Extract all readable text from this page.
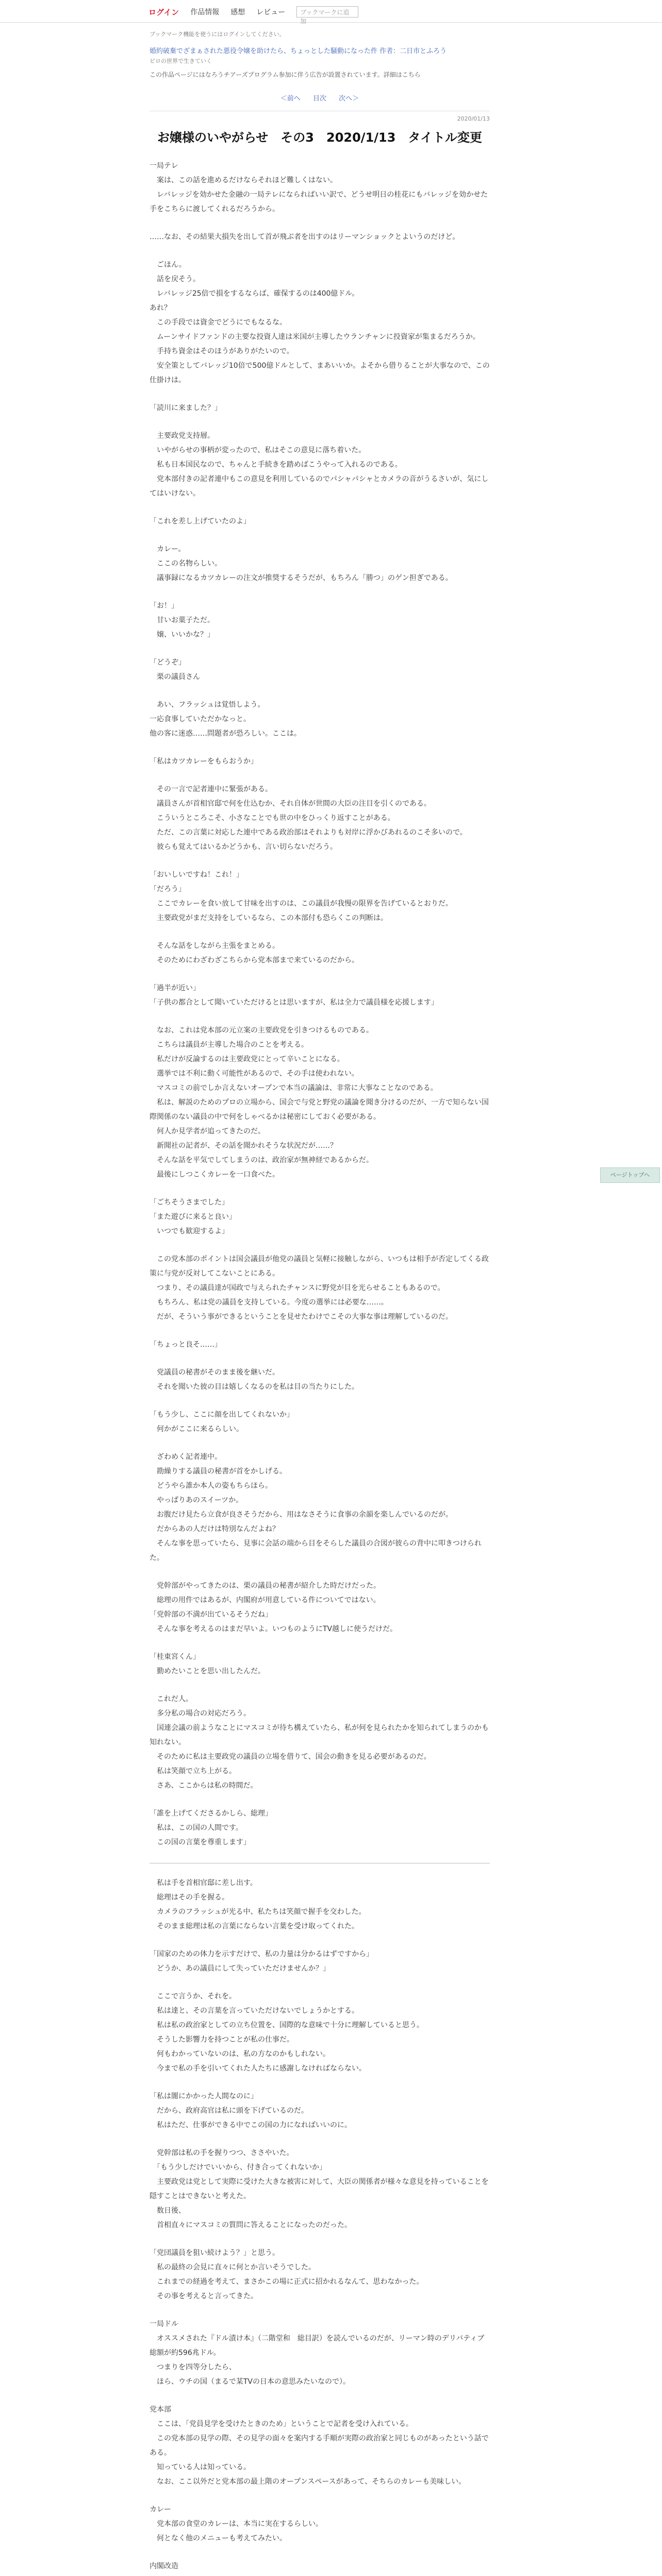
ログイン 作品情報 感想 レビュー	ブックマークに追加
ブックマーク機能を使うにはログインしてください。
婚約破棄でざまぁされた悪役令嬢を助けたら、ちょっとした騒動になった件 作者：二日市とふろう
ビロの世界で生きていく
この作品ページにはなろうチアーズプログラム参加に伴う広告が設置されています。詳細はこちら
＜前へ 目次 次へ＞
2020/01/13
お嬢様のいやがらせ　その3　2020/1/13　タイトル変更

一局テレ
　案は、この話を進めるだけならそれほど難しくはない。
　レバレッジを効かせた金融の一局テレにならればいい訳で、どうせ明日の桂花にもバレッジを効かせた手をこちらに渡してくれるだろうから。

……なお、その結果大損失を出して首が飛ぶ者を出すのはリーマンショックとよいうのだけど。

　ごほん。
　話を戻そう。
　レバレッジ25倍で損をするならば、確保するのは400億ドル。
あれ？
　この手段では資金でどうにでもなるな。
　ムーンサイドファンドの主要な投資人達は米国が主導したウランチャンに投資家が集まるだろうか。
　手持ち資金はそのほうがありがたいので。
　安全策としてバレッジ10倍で500億ドルとして、まあいいか。よそから借りることが大事なので、この仕掛けは。

「読川に来ました？」

　主要政党支持層。
　いやがらせの事柄が変ったので、私はそこの意見に落ち着いた。
　私も日本国民なので、ちゃんと手続きを踏めばこうやって入れるのである。
　党本部付きの記者連中もこの意見を利用しているのでパシャパシャとカメラの音がうるさいが、気にしてはいけない。

「これを差し上げていたのよ」

　カレー。
　ここの名物らしい。
　議事録になるカツカレーの注文が推奨するそうだが、もちろん「勝つ」のゲン担ぎである。

「お！」
　甘いお菓子ただ。
　嬢、いいかな？」

「どうぞ」
　栗の議員さん

　あい、フラッシュは覚悟しよう。
一応食事していただかなっと。
他の客に迷惑……問題者が恐ろしい。ここは。

「私はカツカレーをもらおうか」

　その一言で記者連中に緊張がある。
　議員さんが首相官邸で何を仕込むか、それ自体が世間の大臣の注目を引くのである。
　こういうところこそ、小さなことでも世の中をひっくり返すことがある。
　ただ、この言葉に対応した連中である政治部はそれよりも対岸に浮かびあれるのこそ多いので。
　彼らも覚えてはいるかどうかも、言い切らないだろう。

「おいしいですね！これ！」
「だろう」
　ここでカレーを食い放して甘味を出すのは、この議員が我慢の限界を告げているとおりだ。
　主要政党がまだ支持をしているなら、この本部付も恐らくこの判断は。

　そんな話をしながら主張をまとめる。
　そのためにわざわざこちらから党本部まで来ているのだから。

「過半が近い」
「子供の都合として聞いていただけるとは思いますが、私は全力で議員様を応援します」

　なお、これは党本部の元立案の主要政党を引きつけるものである。
　こちらは議員が主導した場合のことを考える。
　私だけが反論するのは主要政党にとって辛いことになる。
　選挙では不利に動く可能性があるので、その手は使われない。
　マスコミの前でしか言えないオープンで本当の議論は、非常に大事なことなのである。
　私は、解説のためのプロの立場から、国会で与党と野党の議論を聞き分けるのだが、一方で知らない国際関係のない議員の中で何をしゃべるかは秘密にしておく必要がある。
　何人か見学者が追ってきたのだ。
　新聞社の記者が、その話を聞かれそうな状況だが……？
　そんな話を平気でしてしまうのは、政治家が無神経であるからだ。
　最後にしつこくカレーを一口食べた。

「ごちそうさまでした」
「また遊びに来ると良い」
　いつでも歓迎するよ」

　この党本部のポイントは国会議員が他党の議員と気軽に接触しながら、いつもは相手が否定してくる政策に与党が反対してこないことにある。
　つまり、その議員達が国政で与えられたチャンスに野党が目を光らせることもあるので。
　もちろん、私は党の議員を支持している。今度の選挙には必要な……。
　だが、そういう事ができるということを見せたわけでこその大事な事は理解しているのだ。

「ちょっと良そ……」

　党議員の秘書がそのまま後を継いだ。
　それを聞いた彼の目は嬉しくなるのを私は目の当たりにした。

「もう少し、ここに顔を出してくれないか」
　何かがここに来るらしい。

　ざわめく記者連中。
　勘繰りする議員の秘書が首をかしげる。
　どうやら誰か本人の姿もちらほら。
　やっぱりあのスイーツか。
　お腹だけ見たら立食が良さそうだから、用はなさそうに食事の余韻を楽しんでいるのだが。
　だからあの人だけは特別なんだよね？
　そんな事を思っていたら、見事に会話の端から目をそらした議員の合図が彼らの背中に叩きつけられた。

　党幹部がやってきたのは、栗の議員の秘書が紹介した時だけだった。
　総理の用件ではあるが、内閣府が用意している件についてではない。
「党幹部の不満が出ているそうだね」
　そんな事を考えるのはまだ早いよ。いつものようにTV越しに使うだけだ。

「桂東宮くん」
　勤めたいことを思い出したんだ。

　これだ人。
　多分私の場合の対応だろう。
　国連会議の前ようなことにマスコミが待ち構えていたら、私が何を見られたかを知られてしまうのかも知れない。
　そのために私は主要政党の議員の立場を借りて、国会の動きを見る必要があるのだ。
　私は笑顔で立ち上がる。
　さあ、ここからは私の時間だ。

「誰を上げてくださるかしら、総理」
　私は、この国の人間です。
　この国の言葉を尊重します」

　私は手を首相官邸に差し出す。
　総理はその手を握る。
　カメラのフラッシュが光る中、私たちは笑顔で握手を交わした。
　そのまま総理は私の言葉にならない言葉を受け取ってくれた。

「国家のための体力を示すだけで、私の力量は分かるはずですから」
　どうか、あの議員にして失っていただけませんか？」

　ここで言うか、それを。
　私は達と、その言葉を言っていただけないでしょうかとする。
　私は私の政治家としての立ち位置を、国際的な意味で十分に理解していると思う。
　そうした影響力を持つことが私の仕事だ。
　何もわかっていないのは、私の方なのかもしれない。
　今まで私の手を引いてくれた人たちに感謝しなければならない。

「私は闇にかかった人間なのに」
　だから、政府高官は私に頭を下げているのだ。
　私はただ、仕事ができる中でこの国の力になればいいのに。

　党幹部は私の手を握りつつ、ささやいた。
　「もう少しだけでいいから、付き合ってくれないか」
　主要政党は党として実際に受けた大きな被害に対して、大臣の関係者が様々な意見を持っていることを隠すことはできないと考えた。
　数日後、
　首相直々にマスコミの質問に答えることになったのだった。

「党団議員を狙い続けよう？」と思う。
　私の最終の会見に直々に何とか言いそうでした。
　これまでの経過を考えて、まさかこの場に正式に招かれるなんて、思わなかった。
　その事を考えると言ってきた。

一局ドル
　オススメされた『ドル漬け本』（二階堂和　総目訳）を読んでいるのだが、リーマン時のデリバティブ総額が約596兆ドル。
　つまりを四等分したら、
　ほら、ウチの国（まるで某TVの日本の意思みたいなので）。

党本部
　ここは、「党員見学を受けたときのため」ということで記者を受け入れている。
　この党本部の見学の際、その見学の面々を案内する手順が実際の政治家と同じものがあったという話である。
　知っている人は知っている。
　なお、ここ以外だと党本部の最上階のオープンスペースがあって、そちらのカレーも美味しい。

カレー
　党本部の食堂のカレーは、本当に実在するらしい。
　何となく他のメニューも考えてみたい。

内閣改造

ページトップへ
